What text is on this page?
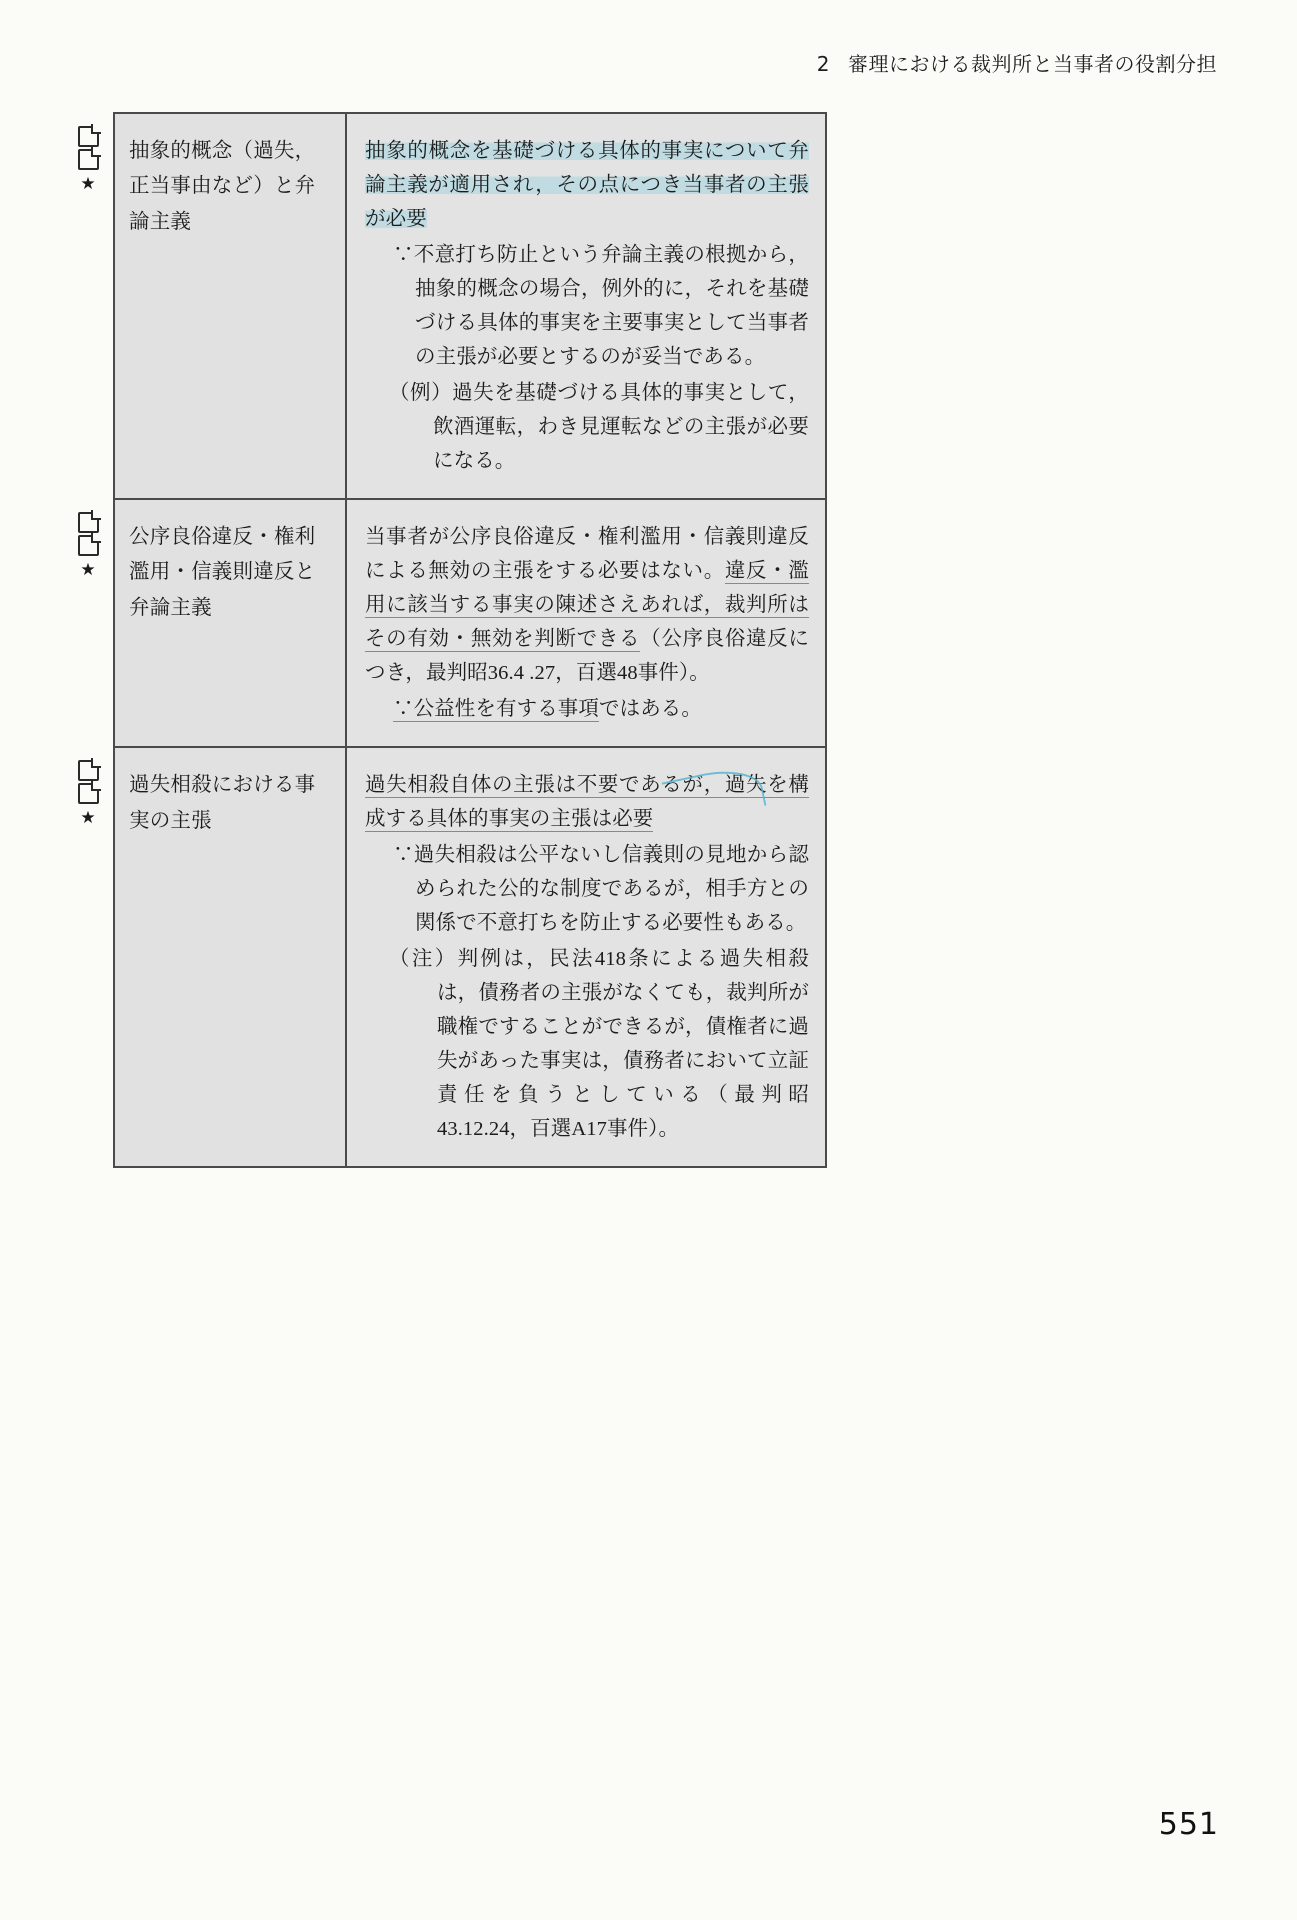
2 審理における裁判所と当事者の役割分担
★
抽象的概念（過失，正当事由など）と弁論主義
抽象的概念を基礎づける具体的事実について弁論主義が適用され，その点につき当事者の主張が必要
∵不意打ち防止という弁論主義の根拠から，抽象的概念の場合，例外的に，それを基礎づける具体的事実を主要事実として当事者の主張が必要とするのが妥当である。
（例）過失を基礎づける具体的事実として，飲酒運転，わき見運転などの主張が必要になる。
★
公序良俗違反・権利濫用・信義則違反と弁論主義
当事者が公序良俗違反・権利濫用・信義則違反による無効の主張をする必要はない。違反・濫用に該当する事実の陳述さえあれば，裁判所はその有効・無効を判断できる（公序良俗違反につき，最判昭36.4 .27，百選48事件）。
∵公益性を有する事項ではある。
★
過失相殺における事実の主張
過失相殺自体の主張は不要であるが，過失を構成する具体的事実の主張は必要
∵過失相殺は公平ないし信義則の見地から認められた公的な制度であるが，相手方との関係で不意打ちを防止する必要性もある。
（注）判例は，民法418条による過失相殺は，債務者の主張がなくても，裁判所が職権ですることができるが，債権者に過失があった事実は，債務者において立証責任を負うとしている（最判昭43.12.24，百選A17事件）。
551
